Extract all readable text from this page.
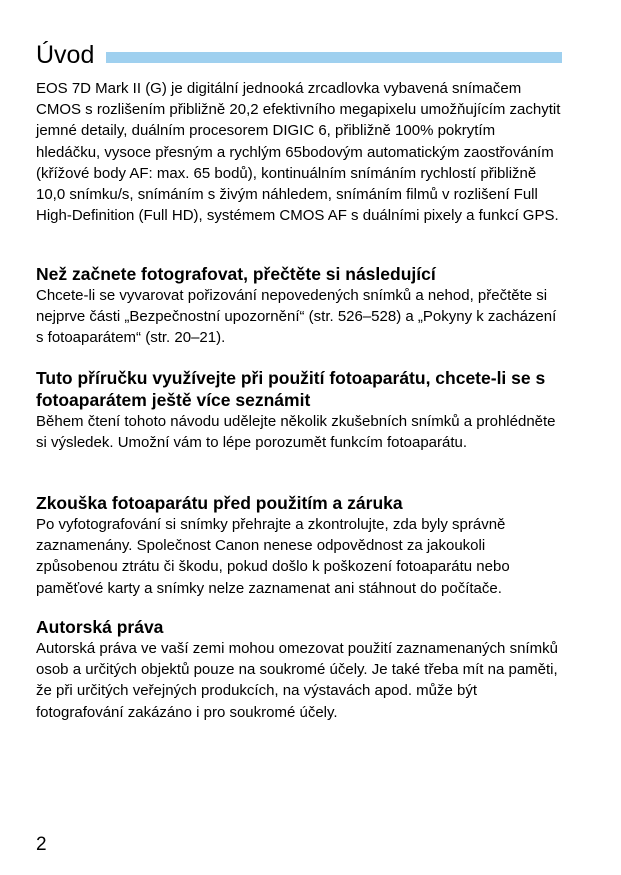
Úvod

EOS 7D Mark II (G) je digitální jednooká zrcadlovka vybavená snímačem CMOS s rozlišením přibližně 20,2 efektivního megapixelu umožňujícím zachytit jemné detaily, duálním procesorem DIGIC 6, přibližně 100% pokrytím hledáčku, vysoce přesným a rychlým 65bodovým automatickým zaostřováním (křížové body AF: max. 65 bodů), kontinuálním snímáním rychlostí přibližně 10,0 snímku/s, snímáním s živým náhledem, snímáním filmů v rozlišení Full High-Definition (Full HD), systémem CMOS AF s duálními pixely a funkcí GPS.

Než začnete fotografovat, přečtěte si následující

Chcete-li se vyvarovat pořizování nepovedených snímků a nehod, přečtěte si nejprve části „Bezpečnostní upozornění“ (str. 526–528) a „Pokyny k zacházení s fotoaparátem“ (str. 20–21).

Tuto příručku využívejte při použití fotoaparátu, chcete-li se s fotoaparátem ještě více seznámit

Během čtení tohoto návodu udělejte několik zkušebních snímků a prohlédněte si výsledek. Umožní vám to lépe porozumět funkcím fotoaparátu.

Zkouška fotoaparátu před použitím a záruka

Po vyfotografování si snímky přehrajte a zkontrolujte, zda byly správně zaznamenány. Společnost Canon nenese odpovědnost za jakoukoli způsobenou ztrátu či škodu, pokud došlo k poškození fotoaparátu nebo paměťové karty a snímky nelze zaznamenat ani stáhnout do počítače.

Autorská práva

Autorská práva ve vaší zemi mohou omezovat použití zaznamenaných snímků osob a určitých objektů pouze na soukromé účely. Je také třeba mít na paměti, že při určitých veřejných produkcích, na výstavách apod. může být fotografování zakázáno i pro soukromé účely.

2
